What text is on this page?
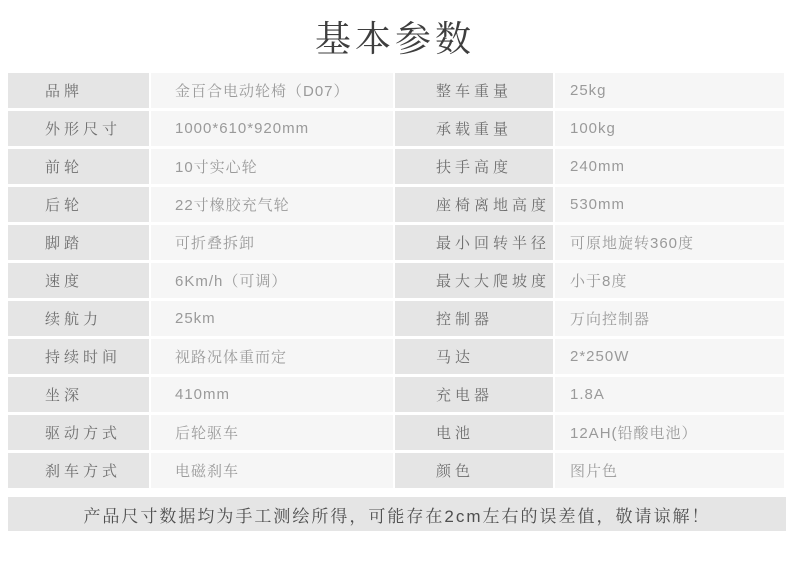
基本参数
品牌	金百合电动轮椅（D07）	整车重量	25kg
外形尺寸	1000*610*920mm	承载重量	100kg
前轮	10寸实心轮	扶手高度	240mm
后轮	22寸橡胶充气轮	座椅离地高度	530mm
脚踏	可折叠拆卸	最小回转半径	可原地旋转360度
速度	6Km/h（可调）	最大大爬坡度	小于8度
续航力	25km	控制器	万向控制器
持续时间	视路况体重而定	马达	2*250W
坐深	410mm	充电器	1.8A
驱动方式	后轮驱车	电池	12AH(铅酸电池）
刹车方式	电磁刹车	颜色	图片色
产品尺寸数据均为手工测绘所得，可能存在2cm左右的误差值，敬请谅解！
